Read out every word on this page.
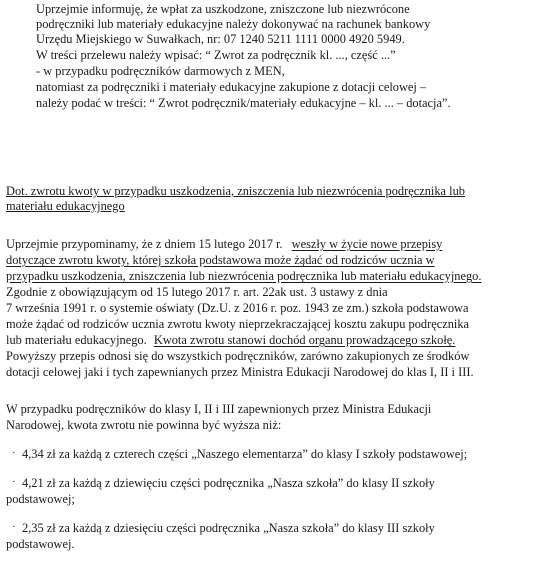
Uprzejmie informuję, że wpłat za uszkodzone, zniszczone lub niezwrócone

podręczniki lub materiały edukacyjne należy dokonywać na rachunek bankowy

Urzędu Miejskiego w Suwałkach, nr: 07 1240 5211 1111 0000 4920 5949.

W treści przelewu należy wpisać: “ Zwrot za podręcznik kl. ..., część ...”

- w przypadku podręczników darmowych z MEN,

natomiast za podręczniki i materiały edukacyjne zakupione z dotacji celowej –

należy podać w treści: “ Zwrot podręcznik/materiały edukacyjne – kl. ... – dotacja”.

Dot. zwrotu kwoty w przypadku uszkodzenia, zniszczenia lub niezwrócenia podręcznika lub

materiału edukacyjnego

Uprzejmie przypominamy, że z dniem 15 lutego 2017 r. weszły w życie nowe przepisy

dotyczące zwrotu kwoty, której szkoła podstawowa może żądać od rodziców ucznia w

przypadku uszkodzenia, zniszczenia lub niezwrócenia podręcznika lub materiału edukacyjnego.

Zgodnie z obowiązującym od 15 lutego 2017 r. art. 22ak ust. 3 ustawy z dnia

7 września 1991 r. o systemie oświaty (Dz.U. z 2016 r. poz. 1943 ze zm.) szkoła podstawowa

może żądać od rodziców ucznia zwrotu kwoty nieprzekraczającej kosztu zakupu podręcznika

lub materiału edukacyjnego. Kwota zwrotu stanowi dochód organu prowadzącego szkołę.

Powyższy przepis odnosi się do wszystkich podręczników, zarówno zakupionych ze środków

dotacji celowej jaki i tych zapewnianych przez Ministra Edukacji Narodowej do klas I, II i III.

W przypadku podręczników do klasy I, II i III zapewnionych przez Ministra Edukacji

Narodowej, kwota zwrotu nie powinna być wyższa niż:

· 4,34 zł za każdą z czterech części „Naszego elementarza” do klasy I szkoły podstawowej;

· 4,21 zł za każdą z dziewięciu części podręcznika „Nasza szkoła” do klasy II szkoły

podstawowej;

· 2,35 zł za każdą z dziesięciu części podręcznika „Nasza szkoła” do klasy III szkoły

podstawowej.
